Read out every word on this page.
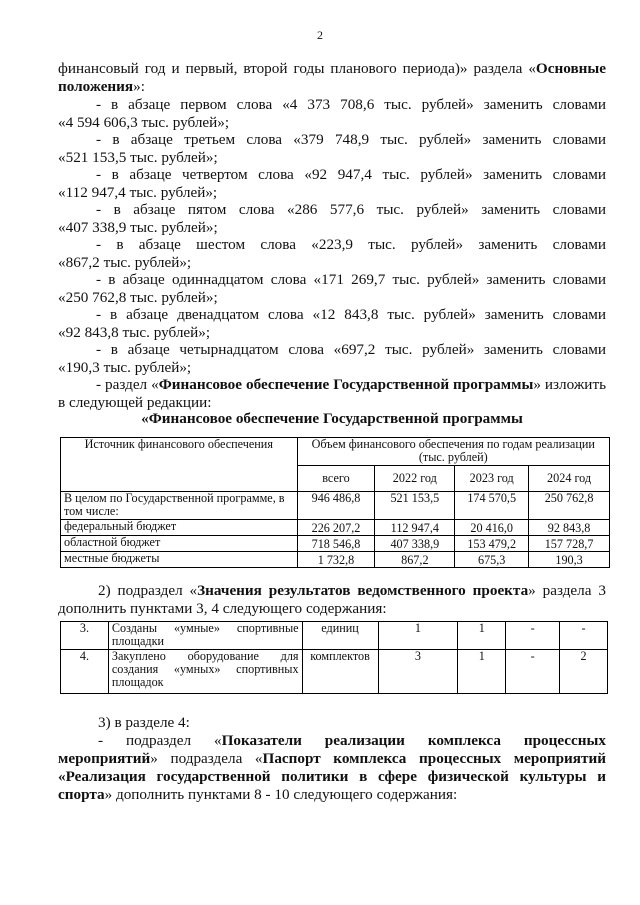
2
финансовый год и первый, второй годы планового периода)» раздела «Основные
положения»:
- в абзаце первом слова «4 373 708,6 тыс. рублей» заменить словами
«4 594 606,3 тыс. рублей»;
- в абзаце третьем слова «379 748,9 тыс. рублей» заменить словами
«521 153,5 тыс. рублей»;
- в абзаце четвертом слова «92 947,4 тыс. рублей» заменить словами
«112 947,4 тыс. рублей»;
- в абзаце пятом слова «286 577,6 тыс. рублей» заменить словами
«407 338,9 тыс. рублей»;
- в абзаце шестом слова «223,9 тыс. рублей» заменить словами
«867,2 тыс. рублей»;
- в абзаце одиннадцатом слова «171 269,7 тыс. рублей» заменить словами
«250 762,8 тыс. рублей»;
- в абзаце двенадцатом слова «12 843,8 тыс. рублей» заменить словами
«92 843,8 тыс. рублей»;
- в абзаце четырнадцатом слова «697,2 тыс. рублей» заменить словами
«190,3 тыс. рублей»;
- раздел «Финансовое обеспечение Государственной программы» изложить
в следующей редакции:
«Финансовое обеспечение Государственной программы
Источник финансового обеспечения	Объем финансового обеспечения по годам реализации (тыс. рублей)			
	всего	2022 год	2023 год	2024 год
В целом по Государственной программе, в том числе:	946 486,8	521 153,5	174 570,5	250 762,8
федеральный бюджет	226 207,2	112 947,4	20 416,0	92 843,8
областной бюджет	718 546,8	407 338,9	153 479,2	157 728,7
местные бюджеты	1 732,8	867,2	675,3	190,3
2) подраздел «Значения результатов ведомственного проекта» раздела 3
дополнить пунктами 3, 4 следующего содержания:
3.	Созданы «умные» спортивные площадки	единиц	1	1	-	-
4.	Закуплено оборудование для создания «умных» спортивных площадок	комплектов	3	1	-	2
3) в разделе 4:
- подраздел «Показатели реализации комплекса процессных
мероприятий» подраздела «Паспорт комплекса процессных мероприятий
«Реализация государственной политики в сфере физической культуры и
спорта» дополнить пунктами 8 - 10 следующего содержания:
